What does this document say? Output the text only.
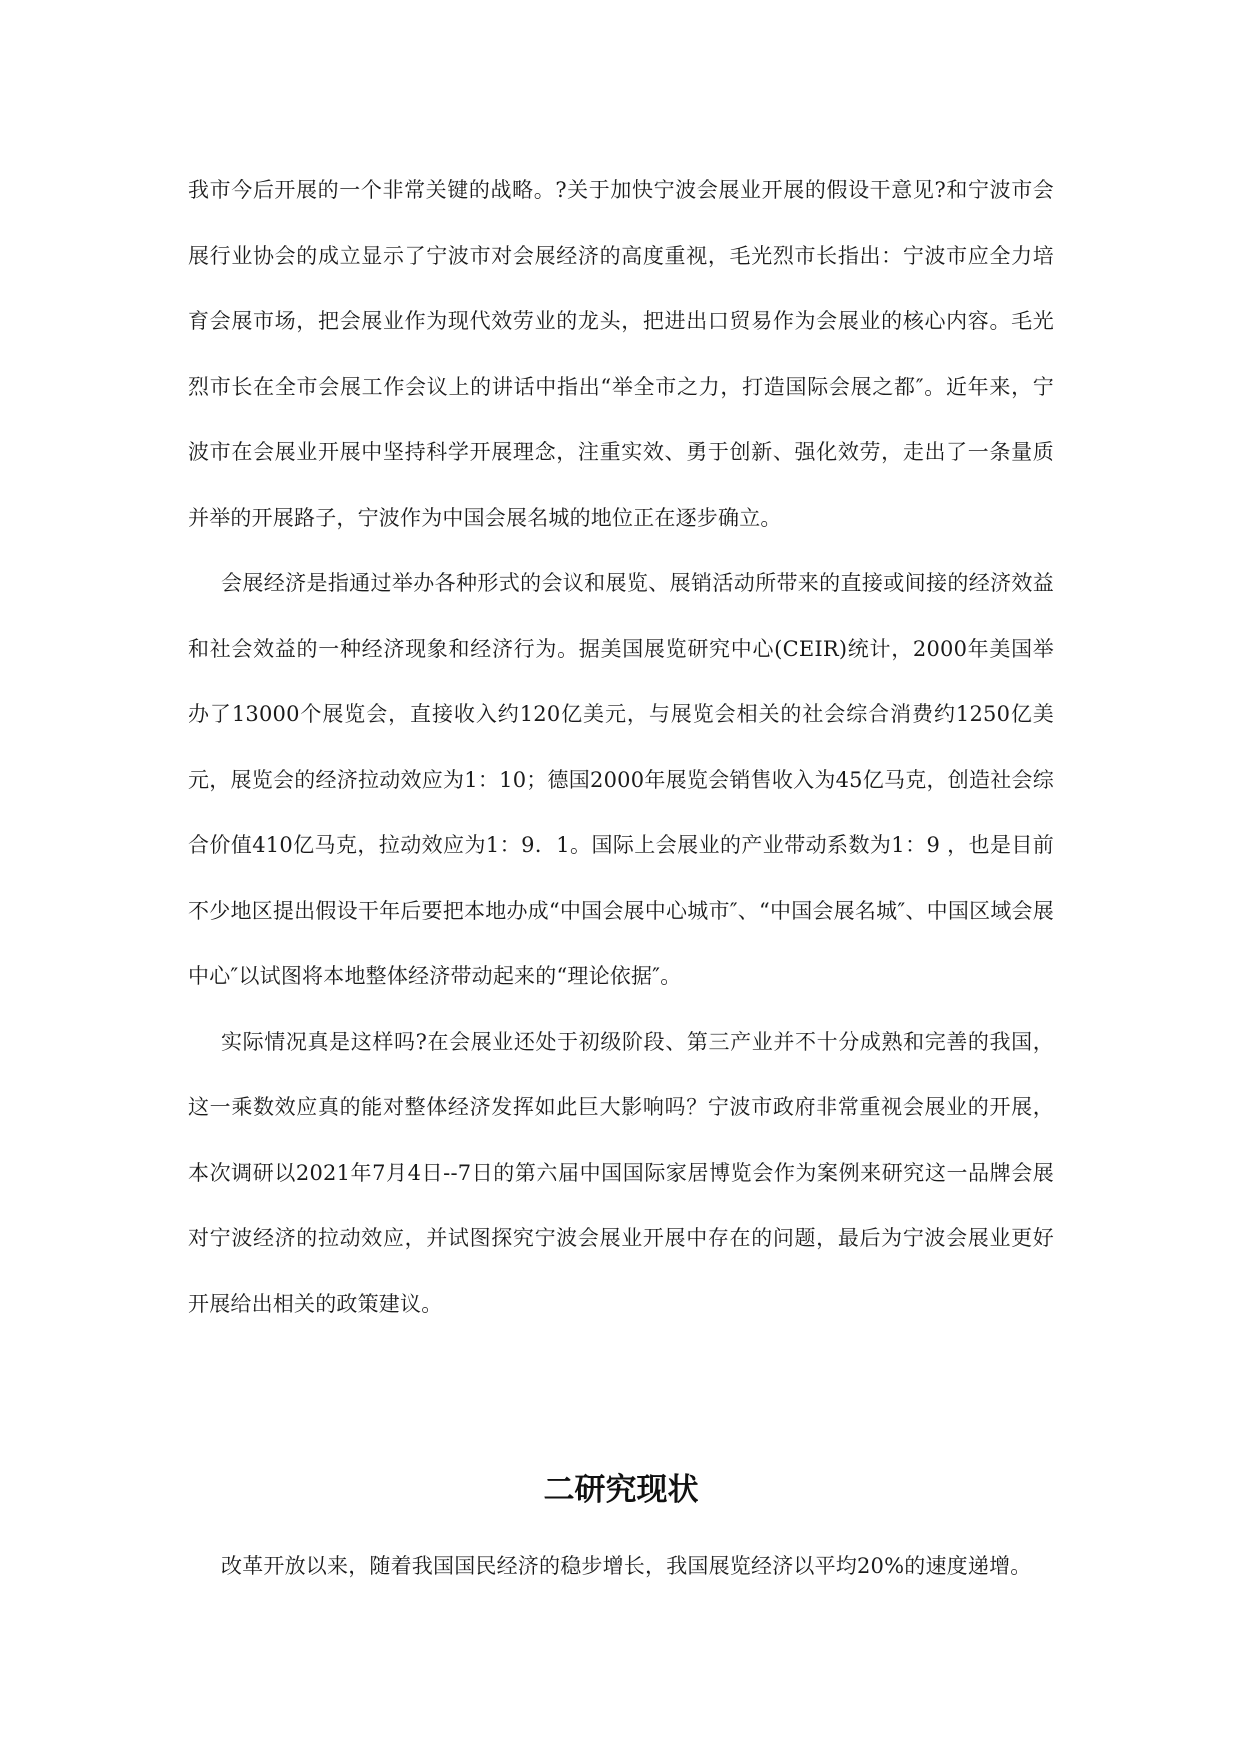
我市今后开展的一个非常关键的战略。?关于加快宁波会展业开展的假设干意见?和宁波市会展行业协会的成立显示了宁波市对会展经济的高度重视，毛光烈市长指出：宁波市应全力培育会展市场，把会展业作为现代效劳业的龙头，把进出口贸易作为会展业的核心内容。毛光烈市长在全市会展工作会议上的讲话中指出“举全市之力，打造国际会展之都″。近年来，宁波市在会展业开展中坚持科学开展理念，注重实效、勇于创新、强化效劳，走出了一条量质并举的开展路子，宁波作为中国会展名城的地位正在逐步确立。

会展经济是指通过举办各种形式的会议和展览、展销活动所带来的直接或间接的经济效益和社会效益的一种经济现象和经济行为。据美国展览研究中心(CEIR)统计，2000年美国举办了13000个展览会，直接收入约120亿美元，与展览会相关的社会综合消费约1250亿美元，展览会的经济拉动效应为1：10；德国2000年展览会销售收入为45亿马克，创造社会综合价值410亿马克，拉动效应为1：9．1。国际上会展业的产业带动系数为1：9 ，也是目前不少地区提出假设干年后要把本地办成“中国会展中心城市″、“中国会展名城″、中国区域会展中心″以试图将本地整体经济带动起来的“理论依据″。

实际情况真是这样吗?在会展业还处于初级阶段、第三产业并不十分成熟和完善的我国，这一乘数效应真的能对整体经济发挥如此巨大影响吗？宁波市政府非常重视会展业的开展，本次调研以2021年7月4日--7日的第六届中国国际家居博览会作为案例来研究这一品牌会展对宁波经济的拉动效应，并试图探究宁波会展业开展中存在的问题，最后为宁波会展业更好开展给出相关的政策建议。

二研究现状

改革开放以来，随着我国国民经济的稳步增长，我国展览经济以平均20%的速度递增。
